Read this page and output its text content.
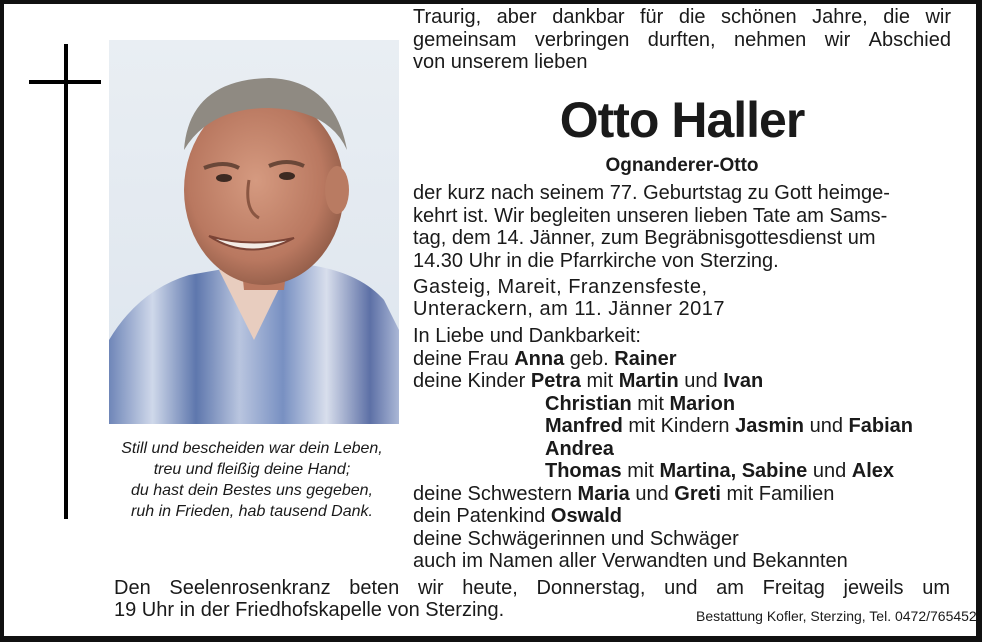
Still und bescheiden war dein Leben,
treu und fleißig deine Hand;
du hast dein Bestes uns gegeben,
ruh in Frieden, hab tausend Dank.
Traurig, aber dankbar für die schönen Jahre, die wir
gemeinsam verbringen durften, nehmen wir Abschied
von unserem lieben
Otto Haller
Ognanderer-Otto
der kurz nach seinem 77. Geburtstag zu Gott heimge-
kehrt ist. Wir begleiten unseren lieben Tate am Sams-
tag, dem 14. Jänner, zum Begräbnisgottesdienst um
14.30 Uhr in die Pfarrkirche von Sterzing.
Gasteig, Mareit, Franzensfeste,
Unterackern, am 11. Jänner 2017
In Liebe und Dankbarkeit:
deine Frau Anna geb. Rainer
deine Kinder Petra mit Martin und Ivan
Christian mit Marion
Manfred mit Kindern Jasmin und Fabian
Andrea
Thomas mit Martina, Sabine und Alex
deine Schwestern Maria und Greti mit Familien
dein Patenkind Oswald
deine Schwägerinnen und Schwäger
auch im Namen aller Verwandten und Bekannten
Den Seelenrosenkranz beten wir heute, Donnerstag, und am Freitag jeweils um
19 Uhr in der Friedhofskapelle von Sterzing.	Bestattung Kofler, Sterzing, Tel. 0472/765452
